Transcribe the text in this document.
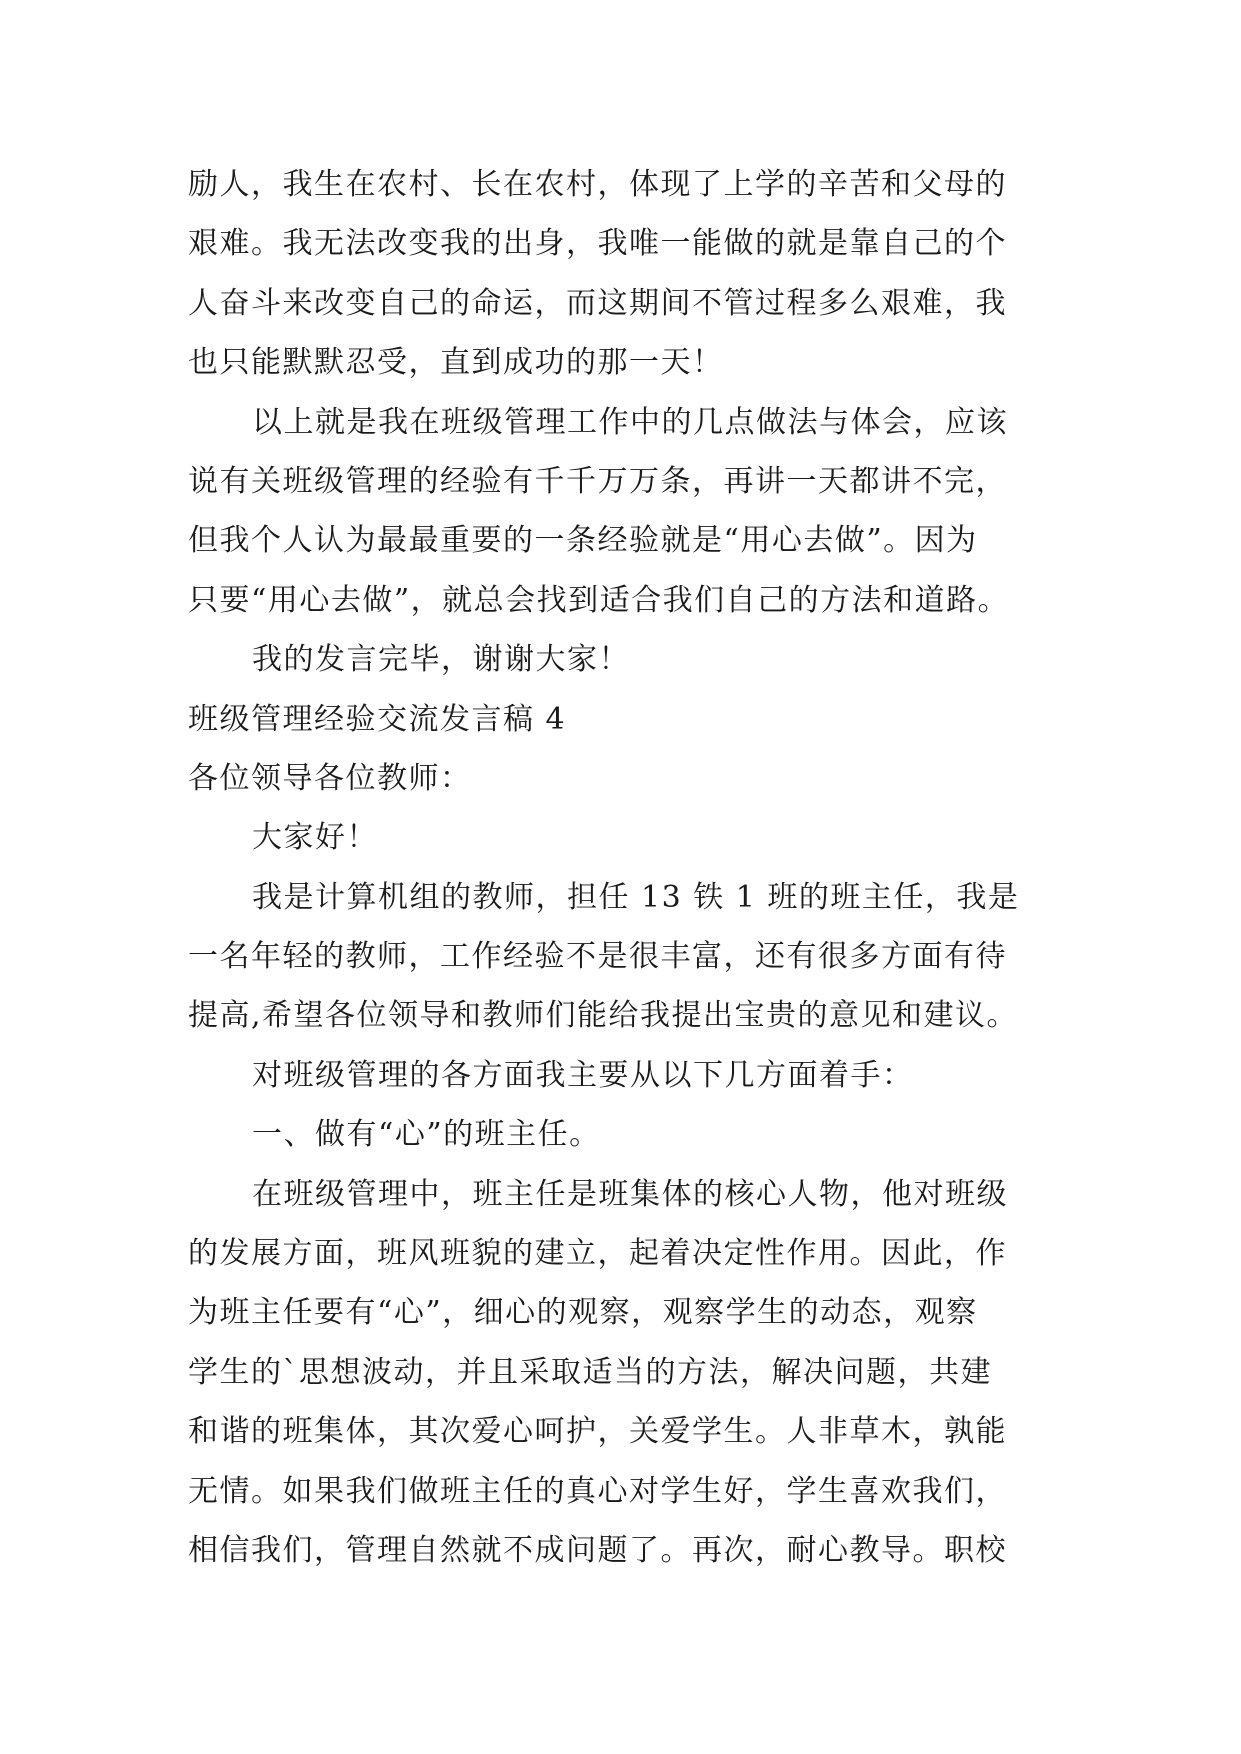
励人，我生在农村、长在农村，体现了上学的辛苦和父母的
艰难。我无法改变我的出身，我唯一能做的就是靠自己的个
人奋斗来改变自己的命运，而这期间不管过程多么艰难，我
也只能默默忍受，直到成功的那一天！
以上就是我在班级管理工作中的几点做法与体会，应该
说有关班级管理的经验有千千万万条，再讲一天都讲不完，
但我个人认为最最重要的一条经验就是“用心去做”。因为
只要“用心去做”，就总会找到适合我们自己的方法和道路。
我的发言完毕，谢谢大家！
班级管理经验交流发言稿 4
各位领导各位教师：
大家好！
我是计算机组的教师，担任 13 铁 1 班的班主任，我是
一名年轻的教师，工作经验不是很丰富，还有很多方面有待
提高,希望各位领导和教师们能给我提出宝贵的意见和建议。
对班级管理的各方面我主要从以下几方面着手：
一、做有“心”的班主任。
在班级管理中，班主任是班集体的核心人物，他对班级
的发展方面，班风班貌的建立，起着决定性作用。因此，作
为班主任要有“心”，细心的观察，观察学生的动态，观察
学生的`思想波动，并且采取适当的方法，解决问题，共建
和谐的班集体，其次爱心呵护，关爱学生。人非草木，孰能
无情。如果我们做班主任的真心对学生好，学生喜欢我们，
相信我们，管理自然就不成问题了。再次，耐心教导。职校
